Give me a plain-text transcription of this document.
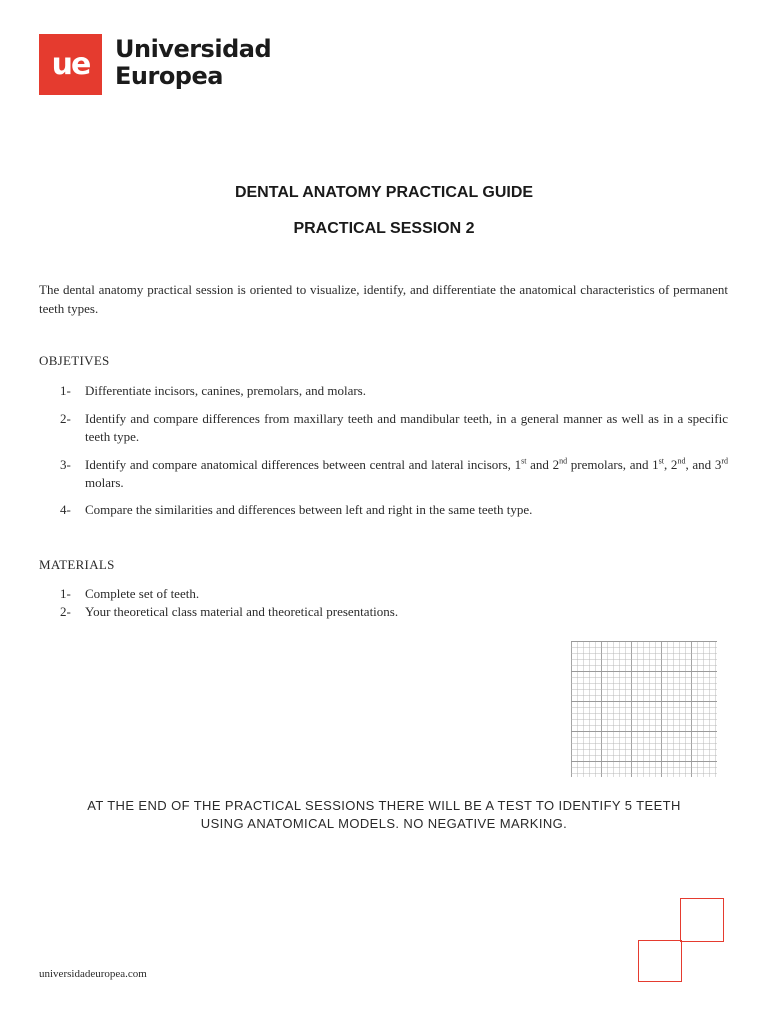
ue	Universidad
Europea
DENTAL ANATOMY PRACTICAL GUIDE
PRACTICAL SESSION 2

The dental anatomy practical session is oriented to visualize, identify, and differentiate the anatomical characteristics of permanent teeth types.

OBJETIVES
1- Differentiate incisors, canines, premolars, and molars.
2- Identify and compare differences from maxillary teeth and mandibular teeth, in a general manner as well as in a specific teeth type.
3- Identify and compare anatomical differences between central and lateral incisors, 1st and 2nd premolars, and 1st, 2nd, and 3rd molars.
4- Compare the similarities and differences between left and right in the same teeth type.
MATERIALS
1- Complete set of teeth.
2- Your theoretical class material and theoretical presentations.
AT THE END OF THE PRACTICAL SESSIONS THERE WILL BE A TEST TO IDENTIFY 5 TEETH
USING ANATOMICAL MODELS. NO NEGATIVE MARKING.
universidadeuropea.com
